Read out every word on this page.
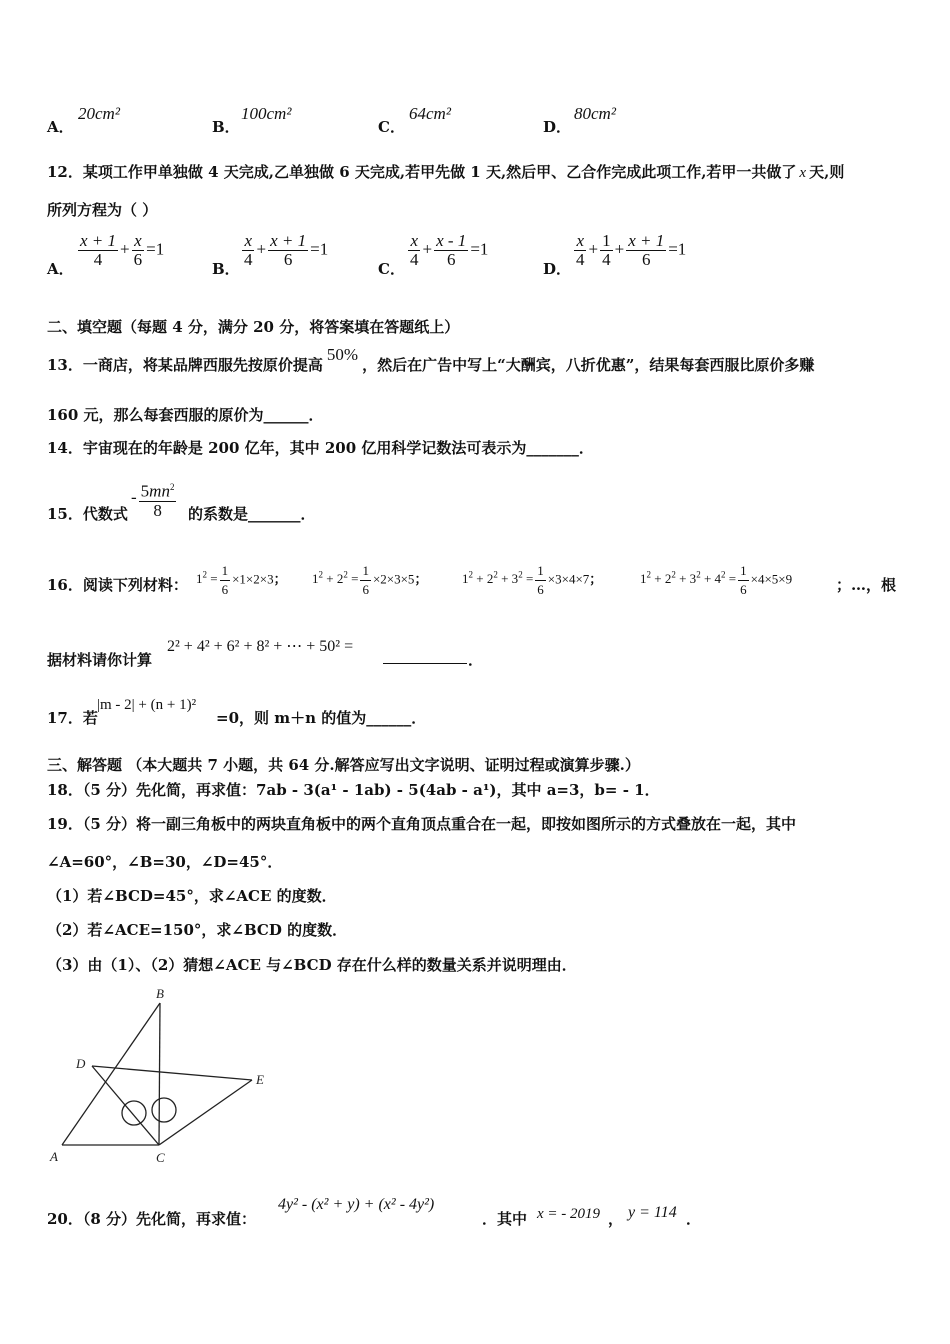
A．
20cm²
B．
100cm²
C．
64cm²
D．
80cm²
12．某项工作甲单独做 4 天完成,乙单独做 6 天完成,若甲先做 1 天,然后甲、乙合作完成此项工作,若甲一共做了 x 天,则
所列方程为（ ）
A． $\frac{x + 1}{4} + \frac{x}{6} =1$
B． $\frac{x}{4} + \frac{x + 1}{6} =1$
C． $\frac{x}{4} + \frac{x - 1}{6} =1$
D． $\frac{x}{4} + \frac{1}{4} + \frac{x + 1}{6} =1$
二、填空题（每题 4 分，满分 20 分，将答案填在答题纸上）
13．一商店，将某品牌西服先按原价提高50%，然后在广告中写上“大酬宾，八折优惠”，结果每套西服比原价多赚
160 元，那么每套西服的原价为______．
14．宇宙现在的年龄是 200 亿年，其中 200 亿用科学记数法可表示为_______．
15．代数式
- $\frac{5mn^2}{8}$ 的系数是_______．
16．阅读下列材料： $1^2 = \frac{1}{6} \times 1\times 2\times 3$； $1^2 + 2^2 = \frac{1}{6} \times 2\times 3\times 5$；	$1^2 + 2^2 + 3^2 = \frac{1}{6} \times 3\times 4\times 7$；	$1^2 + 2^2 + 3^2 + 4^2 = \frac{1}{6} \times 4\times 5\times 9$	；…，根
据材料请你计算
2² + 4² + 6² + 8² + ⋯ + 50² =
．
17．若
|m - 2| + (n + 1)²
=0，则 m＋n 的值为______．
三、解答题 （本大题共 7 小题，共 64 分.解答应写出文字说明、证明过程或演算步骤.）
18．（5 分）先化简，再求值：7ab - 3(a¹ - 1ab) - 5(4ab - a¹)，其中 a=3，b= - 1．
19．（5 分）将一副三角板中的两块直角板中的两个直角顶点重合在一起，即按如图所示的方式叠放在一起，其中
∠A=60°，∠B=30，∠D=45°．
（1）若∠BCD=45°，求∠ACE 的度数．
（2）若∠ACE=150°，求∠BCD 的度数．
（3）由（1）、（2）猜想∠ACE 与∠BCD 存在什么样的数量关系并说明理由．
B
D
E
A	C
20．（8 分）先化简，再求值：
4y² - (x² + y) + (x² - 4y²)
．其中 x = - 2019 ， y = 114 ．
